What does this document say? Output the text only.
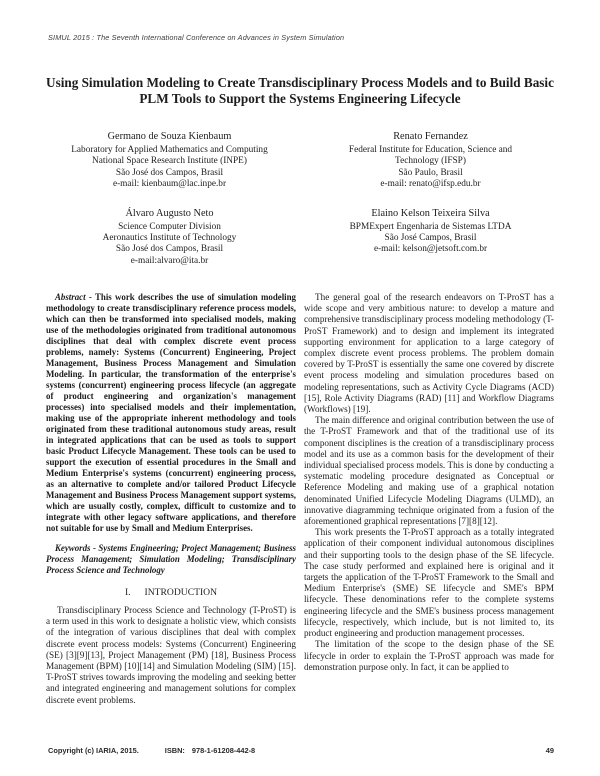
SIMUL 2015 : The Seventh International Conference on Advances in System Simulation
Using Simulation Modeling to Create Transdisciplinary Process Models and to Build Basic PLM Tools to Support the Systems Engineering Lifecycle
Germano de Souza Kienbaum
Laboratory for Applied Mathematics and Computing
National Space Research Institute (INPE)
São José dos Campos, Brasil
e-mail: kienbaum@lac.inpe.br
Renato Fernandez
Federal Institute for Education, Science and
Technology (IFSP)
São Paulo, Brasil
e-mail: renato@ifsp.edu.br
Álvaro Augusto Neto
Science Computer Division
Aeronautics Institute of Technology
São José dos Campos, Brasil
e-mail:alvaro@ita.br
Elaino Kelson Teixeira Silva
BPMExpert Engenharia de Sistemas LTDA
São José Campos, Brasil
e-mail: kelson@jetsoft.com.br

Abstract - This work describes the use of simulation modeling methodology to create transdisciplinary reference process models, which can then be transformed into specialised models, making use of the methodologies originated from traditional autonomous disciplines that deal with complex discrete event process problems, namely: Systems (Concurrent) Engineering, Project Management, Business Process Management and Simulation Modeling. In particular, the transformation of the enterprise's systems (concurrent) engineering process lifecycle (an aggregate of product engineering and organization's management processes) into specialised models and their implementation, making use of the appropriate inherent methodology and tools originated from these traditional autonomous study areas, result in integrated applications that can be used as tools to support basic Product Lifecycle Management. These tools can be used to support the execution of essential procedures in the Small and Medium Enterprise's systems (concurrent) engineering process, as an alternative to complete and/or tailored Product Lifecycle Management and Business Process Management support systems, which are usually costly, complex, difficult to customize and to integrate with other legacy software applications, and therefore not suitable for use by Small and Medium Enterprises.

Keywords - Systems Engineering; Project Management; Business Process Management; Simulation Modeling; Transdisciplinary Process Science and Technology

I. INTRODUCTION

Transdisciplinary Process Science and Technology (T-ProST) is a term used in this work to designate a holistic view, which consists of the integration of various disciplines that deal with complex discrete event process models: Systems (Concurrent) Engineering (SE) [3][9][13], Project Management (PM) [18], Business Process Management (BPM) [10][14] and Simulation Modeling (SIM) [15]. T-ProST strives towards improving the modeling and seeking better and integrated engineering and management solutions for complex discrete event problems.

The general goal of the research endeavors on T-ProST has a wide scope and very ambitious nature: to develop a mature and comprehensive transdisciplinary process modeling methodology (T-ProST Framework) and to design and implement its integrated supporting environment for application to a large category of complex discrete event process problems. The problem domain covered by T-ProST is essentially the same one covered by discrete event process modeling and simulation procedures based on modeling representations, such as Activity Cycle Diagrams (ACD) [15], Role Activity Diagrams (RAD) [11] and Workflow Diagrams (Workflows) [19].

The main difference and original contribution between the use of the T-ProST Framework and that of the traditional use of its component disciplines is the creation of a transdisciplinary process model and its use as a common basis for the development of their individual specialised process models. This is done by conducting a systematic modeling procedure designated as Conceptual or Reference Modeling and making use of a graphical notation denominated Unified Lifecycle Modeling Diagrams (ULMD), an innovative diagramming technique originated from a fusion of the aforementioned graphical representations [7][8][12].

This work presents the T-ProST approach as a totally integrated application of their component individual autonomous disciplines and their supporting tools to the design phase of the SE lifecycle. The case study performed and explained here is original and it targets the application of the T-ProST Framework to the Small and Medium Enterprise's (SME) SE lifecycle and SME's BPM lifecycle. These denominations refer to the complete systems engineering lifecycle and the SME's business process management lifecycle, respectively, which include, but is not limited to, its product engineering and production management processes.

The limitation of the scope to the design phase of the SE lifecycle in order to explain the T-ProST approach was made for demonstration purpose only. In fact, it can be applied to

Copyright (c) IARIA, 2015.	ISBN: 978-1-61208-442-8	49
